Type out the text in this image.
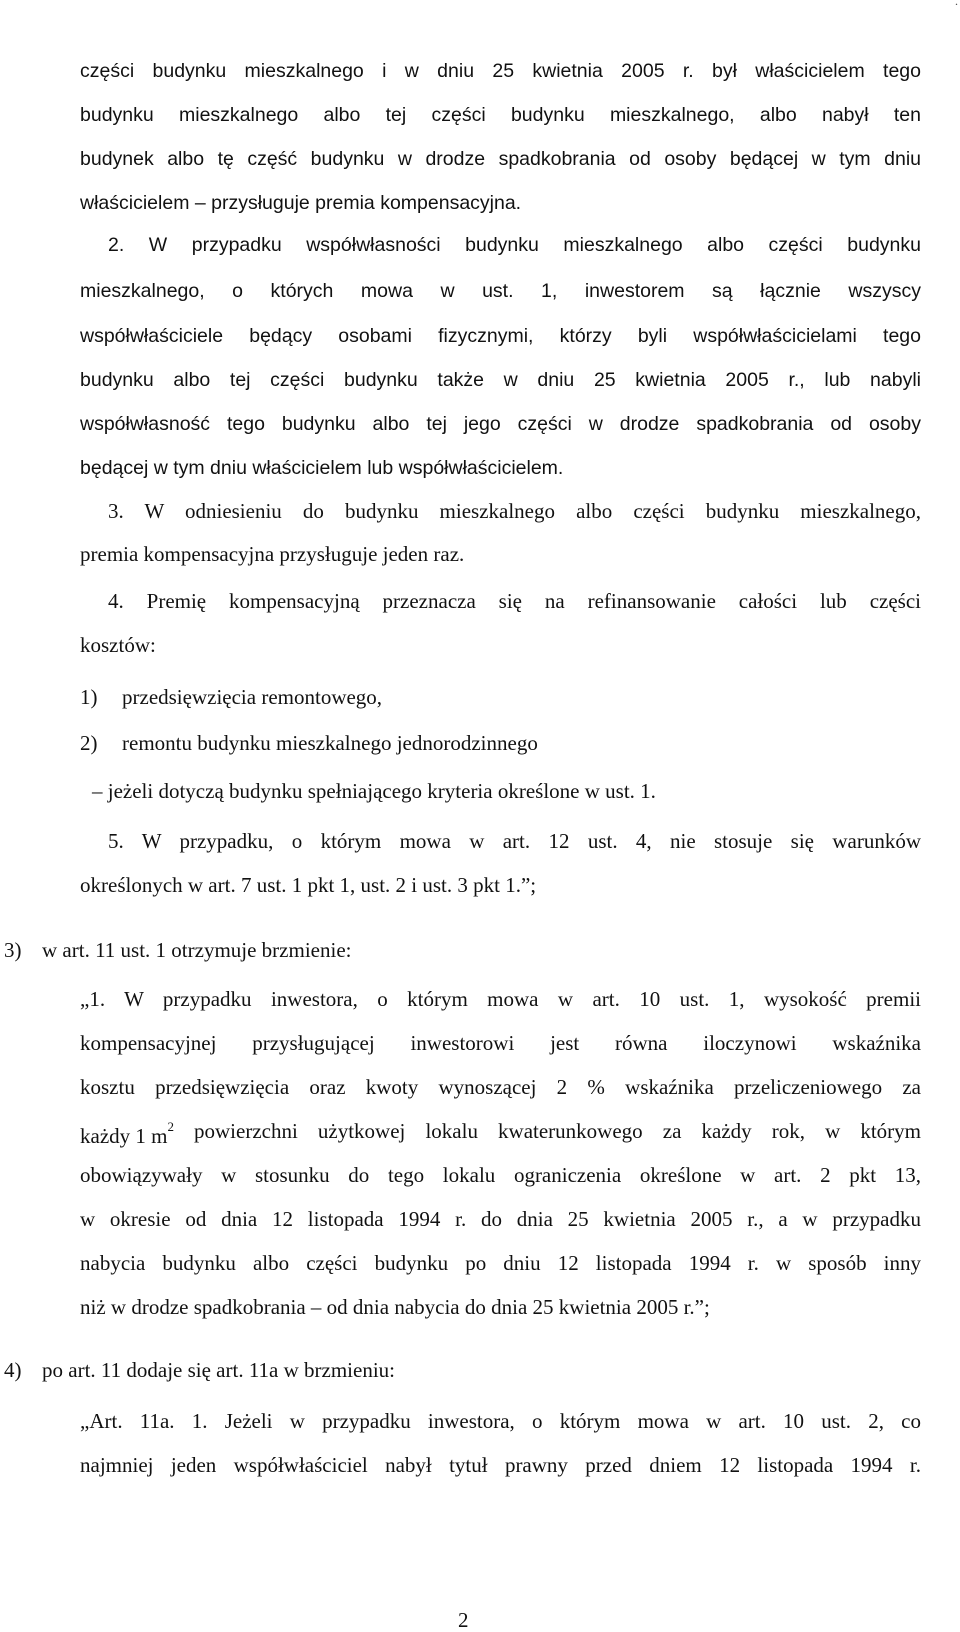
.
części budynku mieszkalnego i w dniu 25 kwietnia 2005 r. był właścicielem tego
budynku mieszkalnego albo tej części budynku mieszkalnego, albo nabył ten
budynek albo tę część budynku w drodze spadkobrania od osoby będącej w tym dniu
właścicielem – przysługuje premia kompensacyjna.
2. W przypadku współwłasności budynku mieszkalnego albo części budynku
mieszkalnego, o których mowa w ust. 1, inwestorem są łącznie wszyscy
współwłaściciele będący osobami fizycznymi, którzy byli współwłaścicielami tego
budynku albo tej części budynku także w dniu 25 kwietnia 2005 r., lub nabyli
współwłasność tego budynku albo tej jego części w drodze spadkobrania od osoby
będącej w tym dniu właścicielem lub współwłaścicielem.
3. W odniesieniu do budynku mieszkalnego albo części budynku mieszkalnego,
premia kompensacyjna przysługuje jeden raz.
4. Premię kompensacyjną przeznacza się na refinansowanie całości lub części
kosztów:
1) przedsięwzięcia remontowego,
2) remontu budynku mieszkalnego jednorodzinnego
– jeżeli dotyczą budynku spełniającego kryteria określone w ust. 1.
5. W przypadku, o którym mowa w art. 12 ust. 4, nie stosuje się warunków
określonych w art. 7 ust. 1 pkt 1, ust. 2 i ust. 3 pkt 1.”;
3) w art. 11 ust. 1 otrzymuje brzmienie:
„1. W przypadku inwestora, o którym mowa w art. 10 ust. 1, wysokość premii
kompensacyjnej przysługującej inwestorowi jest równa iloczynowi wskaźnika
kosztu przedsięwzięcia oraz kwoty wynoszącej 2 % wskaźnika przeliczeniowego za
każdy 1 $m^2$ powierzchni użytkowej lokalu kwaterunkowego za każdy rok, w którym
obowiązywały w stosunku do tego lokalu ograniczenia określone w art. 2 pkt 13,
w okresie od dnia 12 listopada 1994 r. do dnia 25 kwietnia 2005 r., a w przypadku
nabycia budynku albo części budynku po dniu 12 listopada 1994 r. w sposób inny
niż w drodze spadkobrania – od dnia nabycia do dnia 25 kwietnia 2005 r.”;
4) po art. 11 dodaje się art. 11a w brzmieniu:
„Art. 11a. 1. Jeżeli w przypadku inwestora, o którym mowa w art. 10 ust. 2, co
najmniej jeden współwłaściciel nabył tytuł prawny przed dniem 12 listopada 1994 r.
2
